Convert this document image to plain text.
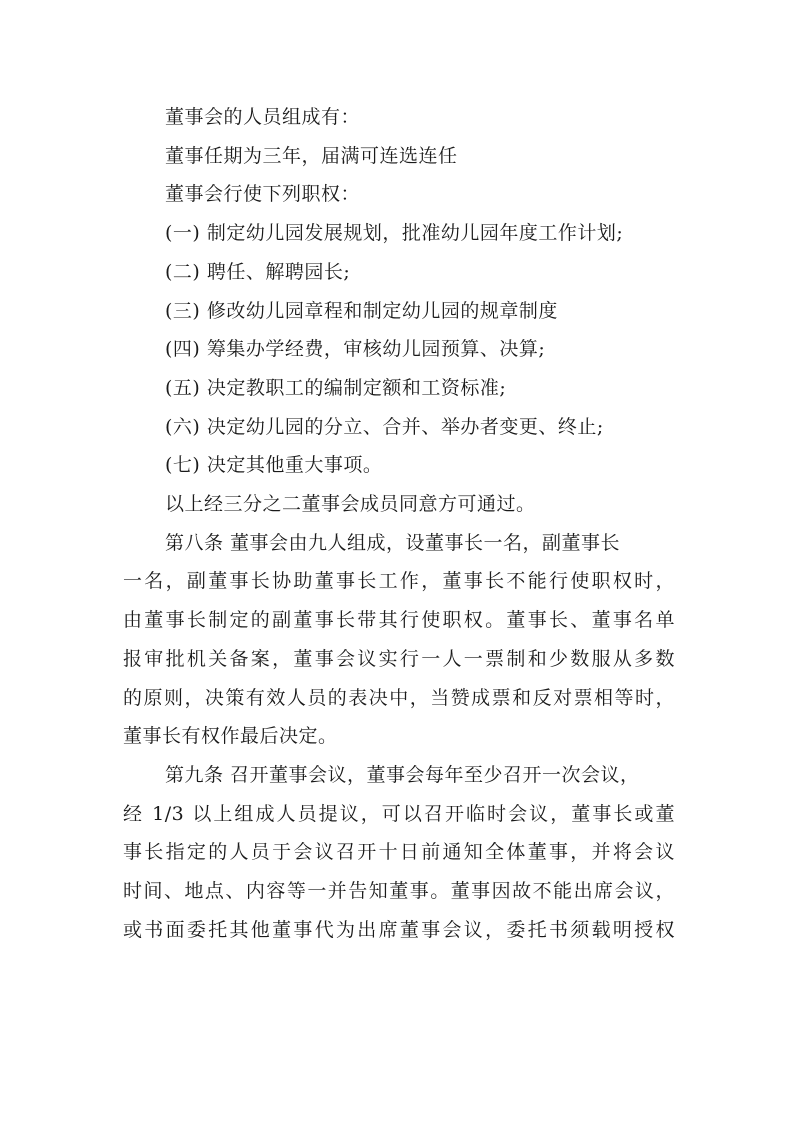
董事会的人员组成有：
董事任期为三年，届满可连选连任
董事会行使下列职权：
(一) 制定幼儿园发展规划，批准幼儿园年度工作计划;
(二) 聘任、解聘园长;
(三) 修改幼儿园章程和制定幼儿园的规章制度
(四) 筹集办学经费，审核幼儿园预算、决算;
(五) 决定教职工的编制定额和工资标准;
(六) 决定幼儿园的分立、合并、举办者变更、终止;
(七) 决定其他重大事项。
以上经三分之二董事会成员同意方可通过。
第八条 董事会由九人组成，设董事长一名，副董事长
一名，副董事长协助董事长工作，董事长不能行使职权时，
由董事长制定的副董事长带其行使职权。董事长、董事名单
报审批机关备案，董事会议实行一人一票制和少数服从多数
的原则，决策有效人员的表决中，当赞成票和反对票相等时，
董事长有权作最后决定。
第九条 召开董事会议，董事会每年至少召开一次会议，
经 1/3 以上组成人员提议，可以召开临时会议，董事长或董
事长指定的人员于会议召开十日前通知全体董事，并将会议
时间、地点、内容等一并告知董事。董事因故不能出席会议，
或书面委托其他董事代为出席董事会议，委托书须载明授权
